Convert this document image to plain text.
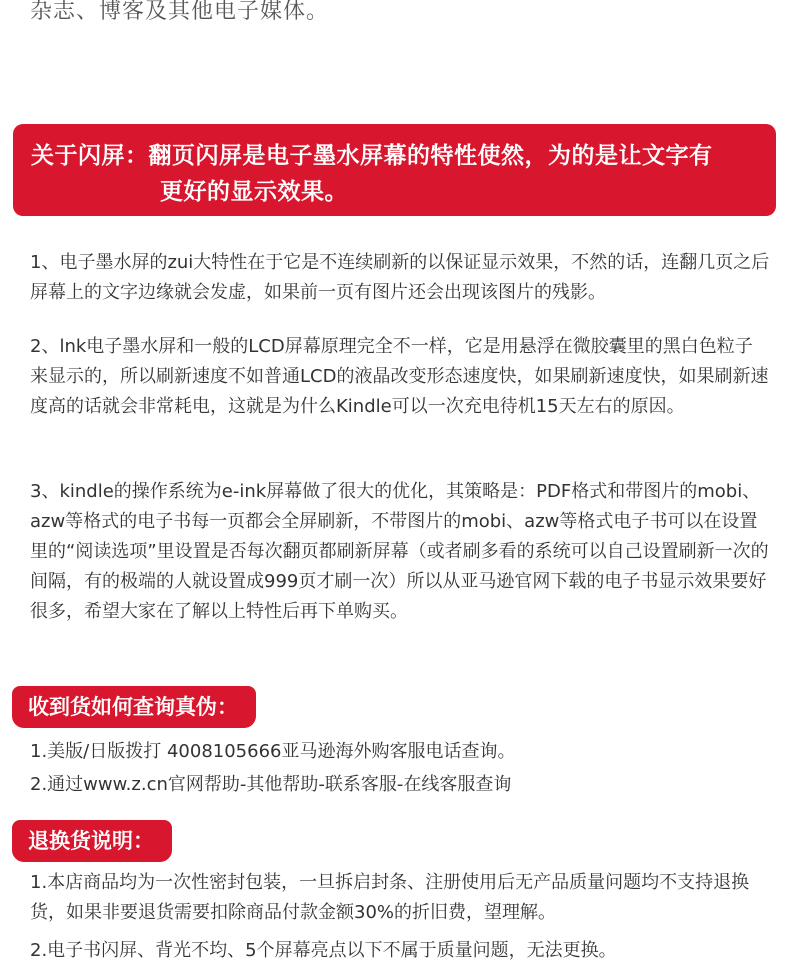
杂志、博客及其他电子媒体。
关于闪屏：翻页闪屏是电子墨水屏幕的特性使然，为的是让文字有
更好的显示效果。
1、电子墨水屏的zui大特性在于它是不连续刷新的以保证显示效果，不然的话，连翻几页之后屏幕上的文字边缘就会发虚，如果前一页有图片还会出现该图片的残影。
2、lnk电子墨水屏和一般的LCD屏幕原理完全不一样，它是用悬浮在微胶囊里的黑白色粒子来显示的，所以刷新速度不如普通LCD的液晶改变形态速度快，如果刷新速度快，如果刷新速度高的话就会非常耗电，这就是为什么Kindle可以一次充电待机15天左右的原因。
3、kindle的操作系统为e-ink屏幕做了很大的优化，其策略是：PDF格式和带图片的mobi、azw等格式的电子书每一页都会全屏刷新，不带图片的mobi、azw等格式电子书可以在设置里的“阅读选项”里设置是否每次翻页都刷新屏幕（或者刷多看的系统可以自己设置刷新一次的间隔，有的极端的人就设置成999页才刷一次）所以从亚马逊官网下载的电子书显示效果要好很多，希望大家在了解以上特性后再下单购买。
收到货如何查询真伪：
1.美版/日版拨打 4008105666亚马逊海外购客服电话查询。
2.通过www.z.cn官网帮助-其他帮助-联系客服-在线客服查询
退换货说明：
1.本店商品均为一次性密封包装，一旦拆启封条、注册使用后无产品质量问题均不支持退换货，如果非要退货需要扣除商品付款金额30%的折旧费，望理解。
2.电子书闪屏、背光不均、5个屏幕亮点以下不属于质量问题，无法更换。
